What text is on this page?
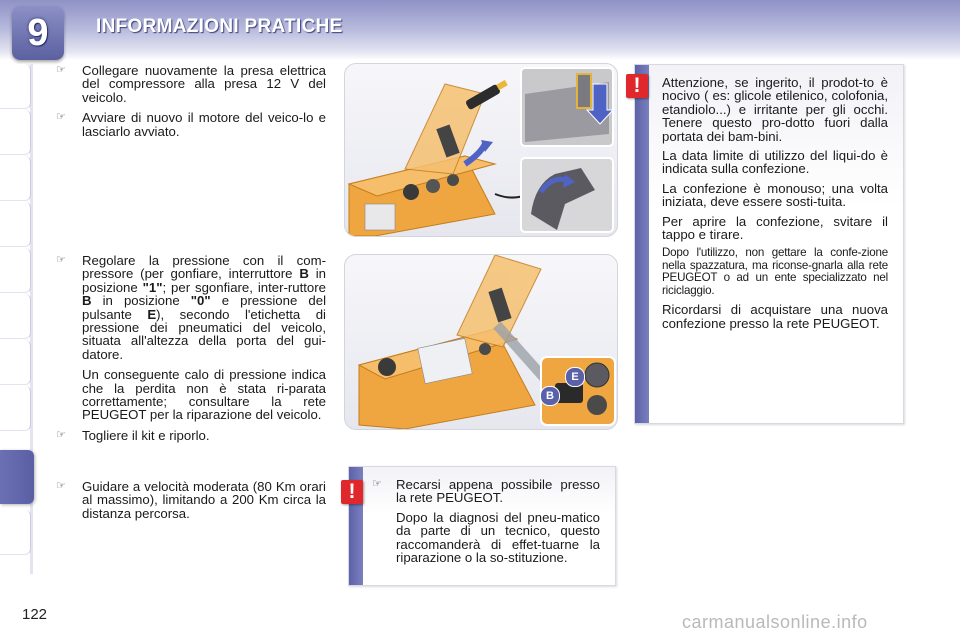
9 INFORMAZIONI PRATICHE
☞ Collegare nuovamente la presa elettrica del compressore alla presa 12 V del veicolo.
☞ Avviare di nuovo il motore del veico-lo e lasciarlo avviato.
☞ Regolare la pressione con il com-pressore (per gonfiare, interruttore B in posizione "1"; per sgonfiare, inter-ruttore B in posizione "0" e pressione del pulsante E), secondo l'etichetta di pressione dei pneumatici del veicolo, situata all'altezza della porta del gui-datore.
Un conseguente calo di pressione indica che la perdita non è stata ri-parata correttamente; consultare la rete PEUGEOT per la riparazione del veicolo.
☞ Togliere il kit e riporlo.
☞ Guidare a velocità moderata (80 Km orari al massimo), limitando a 200 Km circa la distanza percorsa.
E
B
!	Attenzione, se ingerito, il prodot-to è nocivo ( es: glicole etilenico, colofonia, etandiolo...) e irritante per gli occhi. Tenere questo pro-dotto fuori dalla portata dei bam-bini.

La data limite di utilizzo del liqui-do è indicata sulla confezione.

La confezione è monouso; una volta iniziata, deve essere sosti-tuita.

Per aprire la confezione, svitare il tappo e tirare.

Dopo l'utilizzo, non gettare la confe-zione nella spazzatura, ma riconse-gnarla alla rete PEUGEOT o ad un ente specializzato nel riciclaggio.

Ricordarsi di acquistare una nuova confezione presso la rete PEUGEOT.

!	☞ Recarsi appena possibile presso la rete PEUGEOT.
Dopo la diagnosi del pneu-matico da parte di un tecnico, questo raccomanderà di effet-tuarne la riparazione o la so-stituzione.
122	carmanualsonline.info
